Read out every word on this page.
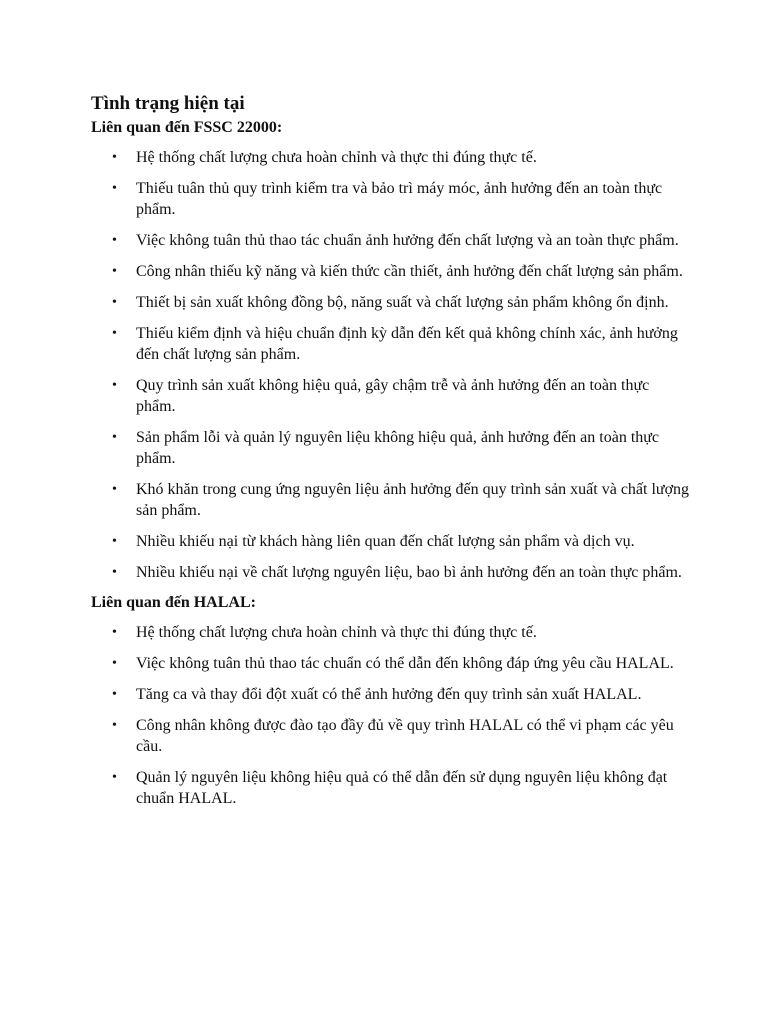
Tình trạng hiện tại
Liên quan đến FSSC 22000:
• Hệ thống chất lượng chưa hoàn chỉnh và thực thi đúng thực tế.
• Thiếu tuân thủ quy trình kiểm tra và bảo trì máy móc, ảnh hưởng đến an toàn thực phẩm.
• Việc không tuân thủ thao tác chuẩn ảnh hưởng đến chất lượng và an toàn thực phẩm.
• Công nhân thiếu kỹ năng và kiến thức cần thiết, ảnh hưởng đến chất lượng sản phẩm.
• Thiết bị sản xuất không đồng bộ, năng suất và chất lượng sản phẩm không ổn định.
• Thiếu kiểm định và hiệu chuẩn định kỳ dẫn đến kết quả không chính xác, ảnh hưởng đến chất lượng sản phẩm.
• Quy trình sản xuất không hiệu quả, gây chậm trễ và ảnh hưởng đến an toàn thực phẩm.
• Sản phẩm lỗi và quản lý nguyên liệu không hiệu quả, ảnh hưởng đến an toàn thực phẩm.
• Khó khăn trong cung ứng nguyên liệu ảnh hưởng đến quy trình sản xuất và chất lượng sản phẩm.
• Nhiều khiếu nại từ khách hàng liên quan đến chất lượng sản phẩm và dịch vụ.
• Nhiều khiếu nại về chất lượng nguyên liệu, bao bì ảnh hưởng đến an toàn thực phẩm.
Liên quan đến HALAL:
• Hệ thống chất lượng chưa hoàn chỉnh và thực thi đúng thực tế.
• Việc không tuân thủ thao tác chuẩn có thể dẫn đến không đáp ứng yêu cầu HALAL.
• Tăng ca và thay đổi đột xuất có thể ảnh hưởng đến quy trình sản xuất HALAL.
• Công nhân không được đào tạo đầy đủ về quy trình HALAL có thể vi phạm các yêu cầu.
• Quản lý nguyên liệu không hiệu quả có thể dẫn đến sử dụng nguyên liệu không đạt chuẩn HALAL.
